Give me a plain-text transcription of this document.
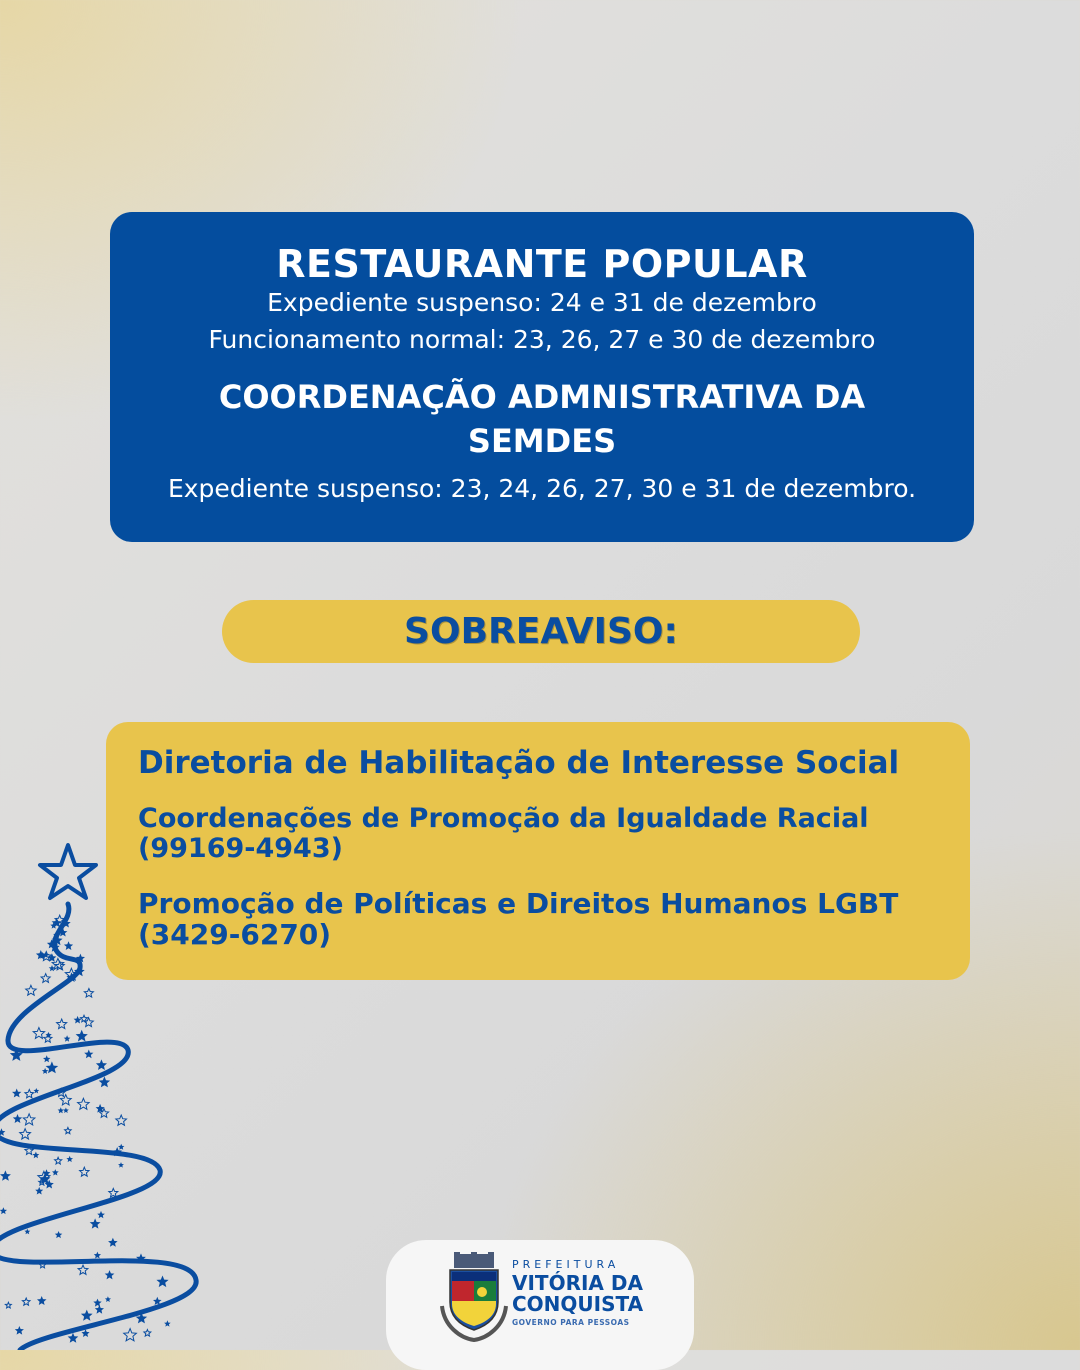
RESTAURANTE POPULAR
Expediente suspenso: 24 e 31 de dezembro
Funcionamento normal: 23, 26, 27 e 30 de dezembro
COORDENAÇÃO ADMNISTRATIVA DA SEMDES
Expediente suspenso: 23, 24, 26, 27, 30 e 31 de dezembro.
SOBREAVISO:
Diretoria de Habilitação de Interesse Social
Coordenações de Promoção da Igualdade Racial (99169-4943)
Promoção de Políticas e Direitos Humanos LGBT (3429-6270)
PREFEITURA
VITÓRIA DA
CONQUISTA
GOVERNO PARA PESSOAS
